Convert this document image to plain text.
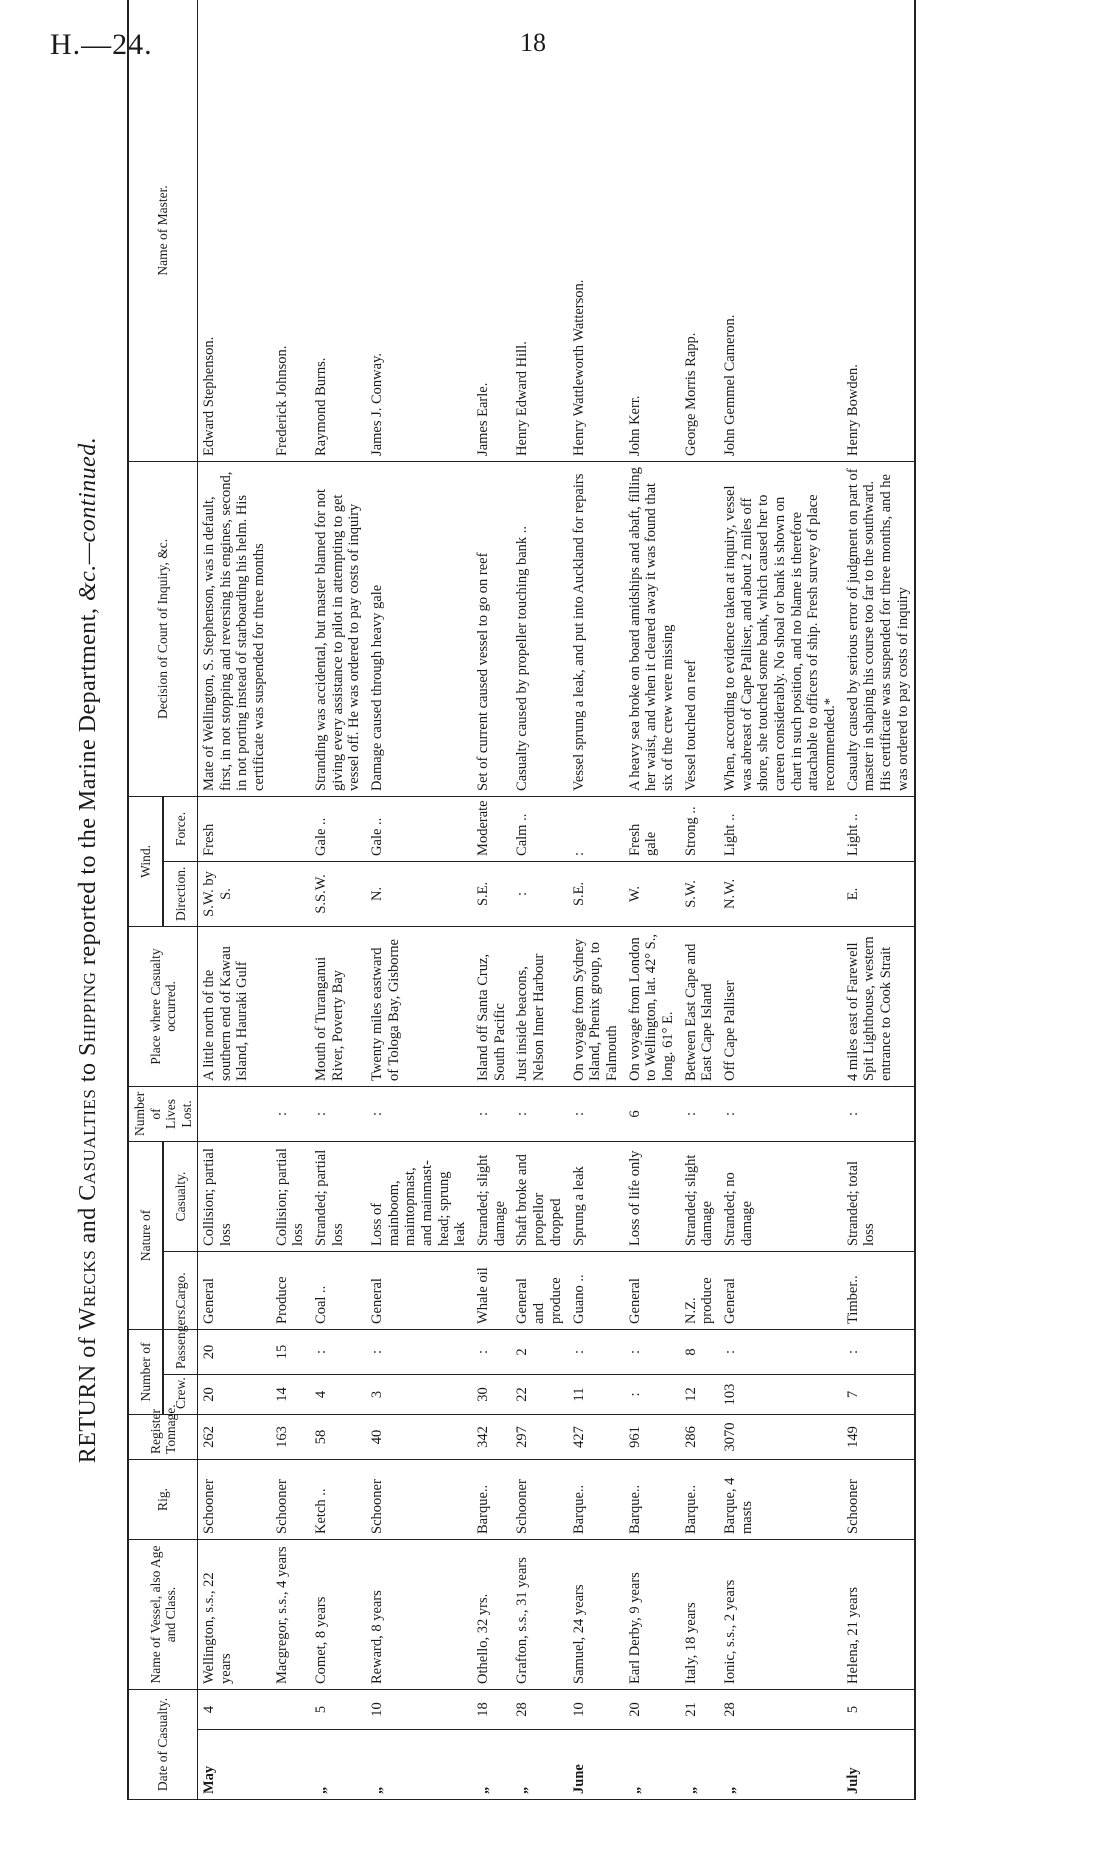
H.—24.	18
RETURN of Wrecks and Casualties to Shipping reported to the Marine Department, &c.—continued.
Date of Casualty.		Name of Vessel, also Age and Class.	Rig.	Register Tonnage.	Number of		Nature of		Number of Lives Lost.	Place where Casualty occurred.	Wind.		Decision of Court of Inquiry, &c.	Name of Master.
					Crew.	Passengers.	Cargo.	Casualty.			Direction.	Force.		
May	4	Wellington, s.s., 22 years	Schooner	262	20	20	General	Collision; partial loss		A little north of the southern end of Kawau Island, Hauraki Gulf	S.W. by S.	Fresh	Mate of Wellington, S. Stephenson, was in default, first, in not stopping and reversing his engines, second, in not porting instead of starboarding his helm. His certificate was suspended for three months	Edward Stephenson.
		Macgregor, s.s., 4 years	Schooner	163	14	15	Produce	Collision; partial loss	:					Frederick Johnson.
„	5	Comet, 8 years	Ketch ..	58	4	:	Coal ..	Stranded; partial loss	:	Mouth of Turanganui River, Poverty Bay	S.S.W.	Gale ..	Stranding was accidental, but master blamed for not giving every assistance to pilot in attempting to get vessel off. He was ordered to pay costs of inquiry	Raymond Burns.
„	10	Reward, 8 years	Schooner	40	3	:	General	Loss of mainboom, maintopmast, and mainmast-head; sprung leak	:	Twenty miles eastward of Tologa Bay, Gisborne	N.	Gale ..	Damage caused through heavy gale	James J. Conway.
„	18	Othello, 32 yrs.	Barque..	342	30	:	Whale oil	Stranded; slight damage	:	Island off Santa Cruz, South Pacific	S.E.	Moderate	Set of current caused vessel to go on reef	James Earle.
„	28	Grafton, s.s., 31 years	Schooner	297	22	2	General and produce	Shaft broke and propellor dropped	:	Just inside beacons, Nelson Inner Harbour	:	Calm ..	Casualty caused by propeller touching bank ..	Henry Edward Hill.
June	10	Samuel, 24 years	Barque..	427	11	:	Guano ..	Sprung a leak	:	On voyage from Sydney Island, Phenix group, to Falmouth	S.E.	:	Vessel sprung a leak, and put into Auckland for repairs	Henry Wattleworth Watterson.
„	20	Earl Derby, 9 years	Barque..	961	:	:	General	Loss of life only	6	On voyage from London to Wellington, lat. 42° S., long. 61° E.	W.	Fresh gale	A heavy sea broke on board amidships and abaft, filling her waist, and when it cleared away it was found that six of the crew were missing	John Kerr.
„	21	Italy, 18 years	Barque..	286	12	8	N.Z. produce	Stranded; slight damage	:	Between East Cape and East Cape Island	S.W.	Strong ..	Vessel touched on reef	George Morris Rapp.
„	28	Ionic, s.s., 2 years	Barque, 4 masts	3070	103	:	General	Stranded; no damage	:	Off Cape Palliser	N.W.	Light ..	When, according to evidence taken at inquiry, vessel was abreast of Cape Palliser, and about 2 miles off shore, she touched some bank, which caused her to careen considerably. No shoal or bank is shown on chart in such position, and no blame is therefore attachable to officers of ship. Fresh survey of place recommended.*	John Gemmel Cameron.
July	5	Helena, 21 years	Schooner	149	7	:	Timber..	Stranded; total loss	:	4 miles east of Farewell Spit Lighthouse, western entrance to Cook Strait	E.	Light ..	Casualty caused by serious error of judgment on part of master in shaping his course too far to the southward. His certificate was suspended for three months, and he was ordered to pay costs of inquiry	Henry Bowden.
